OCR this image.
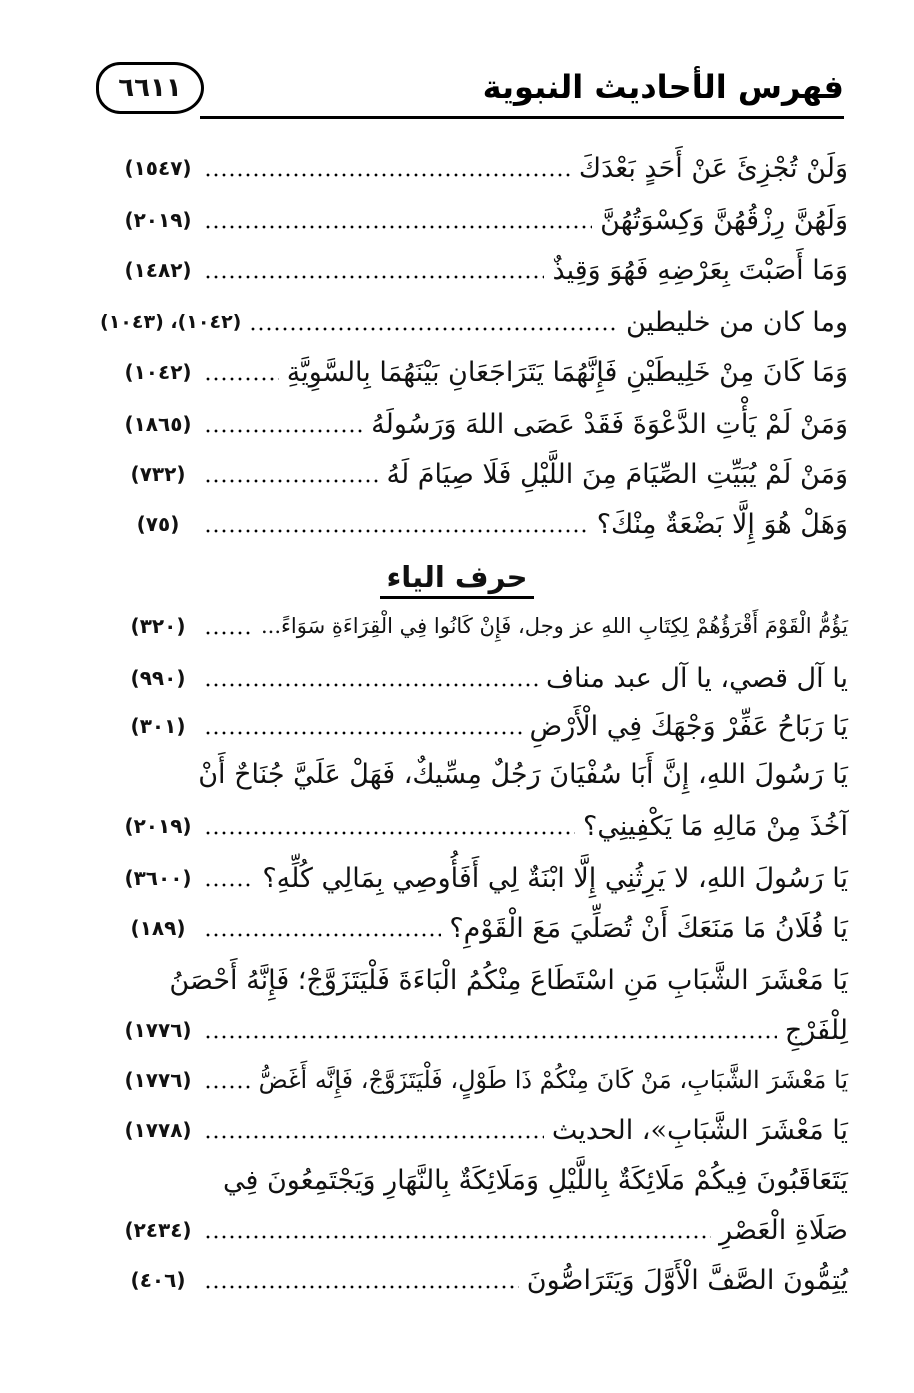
٦٦١١	فهرس الأحاديث النبوية
وَلَنْ تُجْزِئَ عَنْ أَحَدٍ بَعْدَكَ
(١٥٤٧)
وَلَهُنَّ رِزْقُهُنَّ وَكِسْوَتُهُنَّ
(٢٠١٩)
وَمَا أَصَبْتَ بِعَرْضِهِ فَهُوَ وَقِيذٌ
(١٤٨٢)
وما كان من خليطين
(١٠٤٢)، (١٠٤٣)
وَمَا كَانَ مِنْ خَلِيطَيْنِ فَإِنَّهُمَا يَتَرَاجَعَانِ بَيْنَهُمَا بِالسَّوِيَّةِ
(١٠٤٢)
وَمَنْ لَمْ يَأْتِ الدَّعْوَةَ فَقَدْ عَصَى اللهَ وَرَسُولَهُ
(١٨٦٥)
وَمَنْ لَمْ يُبَيِّتِ الصِّيَامَ مِنَ اللَّيْلِ فَلَا صِيَامَ لَهُ
(٧٣٢)
وَهَلْ هُوَ إِلَّا بَضْعَةٌ مِنْكَ؟
(٧٥)
حرف الياء
يَؤُمُّ الْقَوْمَ أَقْرَؤُهُمْ لِكِتَابِ اللهِ عز وجل، فَإِنْ كَانُوا فِي الْقِرَاءَةِ سَوَاءً...
(٣٢٠)
يا آل قصي، يا آل عبد مناف
(٩٩٠)
يَا رَبَاحُ عَفِّرْ وَجْهَكَ فِي الْأَرْضِ
(٣٠١)
يَا رَسُولَ اللهِ، إِنَّ أَبَا سُفْيَانَ رَجُلٌ مِسِّيكٌ، فَهَلْ عَلَيَّ جُنَاحٌ أَنْ
آخُذَ مِنْ مَالِهِ مَا يَكْفِينِي؟
(٢٠١٩)
يَا رَسُولَ اللهِ، لا يَرِثُنِي إِلَّا ابْنَةٌ لِي أَفَأُوصِي بِمَالِي كُلِّهِ؟
(٣٦٠٠)
يَا فُلَانُ مَا مَنَعَكَ أَنْ تُصَلِّيَ مَعَ الْقَوْمِ؟
(١٨٩)
يَا مَعْشَرَ الشَّبَابِ مَنِ اسْتَطَاعَ مِنْكُمُ الْبَاءَةَ فَلْيَتَزَوَّجْ؛ فَإِنَّهُ أَحْصَنُ
لِلْفَرْجِ
(١٧٧٦)
يَا مَعْشَرَ الشَّبَابِ، مَنْ كَانَ مِنْكُمْ ذَا طَوْلٍ، فَلْيَتَزَوَّجْ، فَإِنَّه أَغَضُّ
(١٧٧٦)
يَا مَعْشَرَ الشَّبَابِ»، الحديث
(١٧٧٨)
يَتَعَاقَبُونَ فِيكُمْ مَلَائِكَةٌ بِاللَّيْلِ وَمَلَائِكَةٌ بِالنَّهَارِ وَيَجْتَمِعُونَ فِي
صَلَاةِ الْعَصْرِ
(٢٤٣٤)
يُتِمُّونَ الصَّفَّ الْأَوَّلَ وَيَتَرَاصُّونَ
(٤٠٦)
